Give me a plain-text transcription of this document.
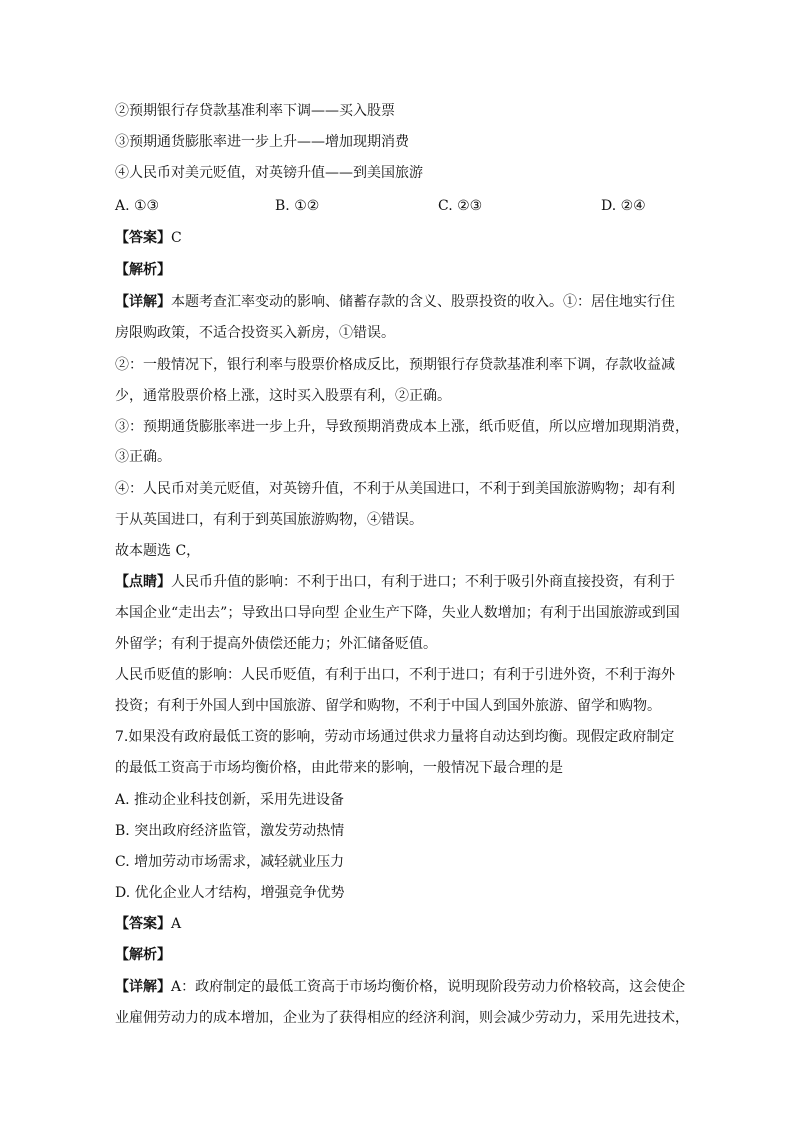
②预期银行存贷款基准利率下调——买入股票
③预期通货膨胀率进一步上升——增加现期消费
④人民币对美元贬值，对英镑升值——到美国旅游
A. ①③	B. ①②	C. ②③	D. ②④
【答案】C
【解析】
【详解】本题考查汇率变动的影响、储蓄存款的含义、股票投资的收入。①：居住地实行住
房限购政策，不适合投资买入新房，①错误。
②：一般情况下，银行利率与股票价格成反比，预期银行存贷款基准利率下调，存款收益减
少，通常股票价格上涨，这时买入股票有利，②正确。
③：预期通货膨胀率进一步上升，导致预期消费成本上涨，纸币贬值，所以应增加现期消费，
③正确。
④：人民币对美元贬值，对英镑升值，不利于从美国进口，不利于到美国旅游购物；却有利
于从英国进口，有利于到英国旅游购物，④错误。
故本题选 C，
【点睛】人民币升值的影响：不利于出口，有利于进口；不利于吸引外商直接投资，有利于
本国企业“走出去”；导致出口导向型 企业生产下降，失业人数增加；有利于出国旅游或到国
外留学；有利于提高外债偿还能力；外汇储备贬值。
人民币贬值的影响：人民币贬值，有利于出口，不利于进口；有利于引进外资，不利于海外
投资；有利于外国人到中国旅游、留学和购物，不利于中国人到国外旅游、留学和购物。
7.如果没有政府最低工资的影响，劳动市场通过供求力量将自动达到均衡。现假定政府制定
的最低工资高于市场均衡价格，由此带来的影响，一般情况下最合理的是
A. 推动企业科技创新，采用先进设备
B. 突出政府经济监管，激发劳动热情
C. 增加劳动市场需求，减轻就业压力
D. 优化企业人才结构，增强竞争优势
【答案】A
【解析】
【详解】A：政府制定的最低工资高于市场均衡价格，说明现阶段劳动力价格较高，这会使企
业雇佣劳动力的成本增加，企业为了获得相应的经济利润，则会减少劳动力，采用先进技术，
